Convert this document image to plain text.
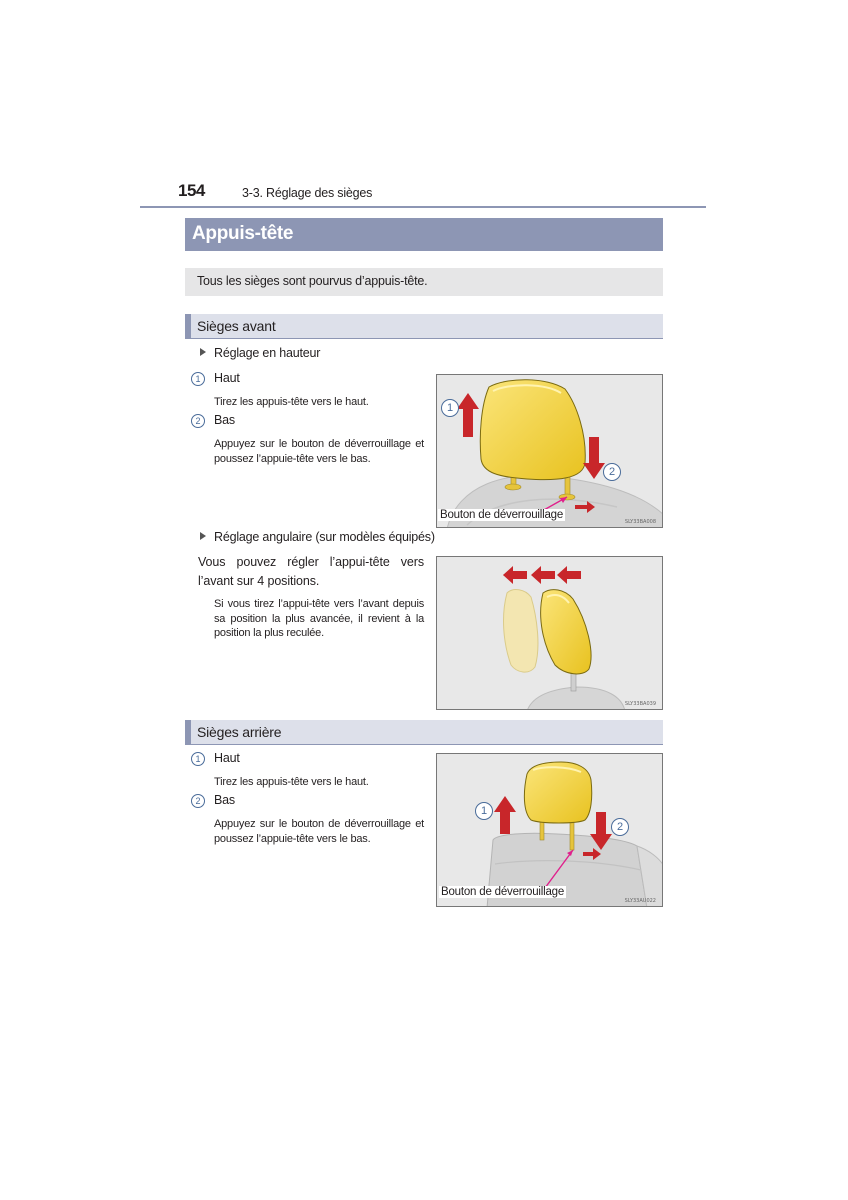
154	3-3. Réglage des sièges
Appuis-tête
Tous les sièges sont pourvus d’appuis-tête.
Sièges avant
Réglage en hauteur
1	Haut
Tirez les appuis-tête vers le haut.
2	Bas
Appuyez sur le bouton de déverrouillage et poussez l’appuie-tête vers le bas.
1
2
Bouton de déverrouillage
SLY33BA008
Réglage angulaire (sur modèles équipés)
Vous pouvez régler l’appui-tête vers l’avant sur 4 positions.
Si vous tirez l’appui-tête vers l’avant depuis sa position la plus avancée, il revient à la position la plus reculée.
SLY33BA039
Sièges arrière
1	Haut
Tirez les appuis-tête vers le haut.
2	Bas
Appuyez sur le bouton de déverrouillage et poussez l’appuie-tête vers le bas.
1
2
Bouton de déverrouillage
SLY33AU022
